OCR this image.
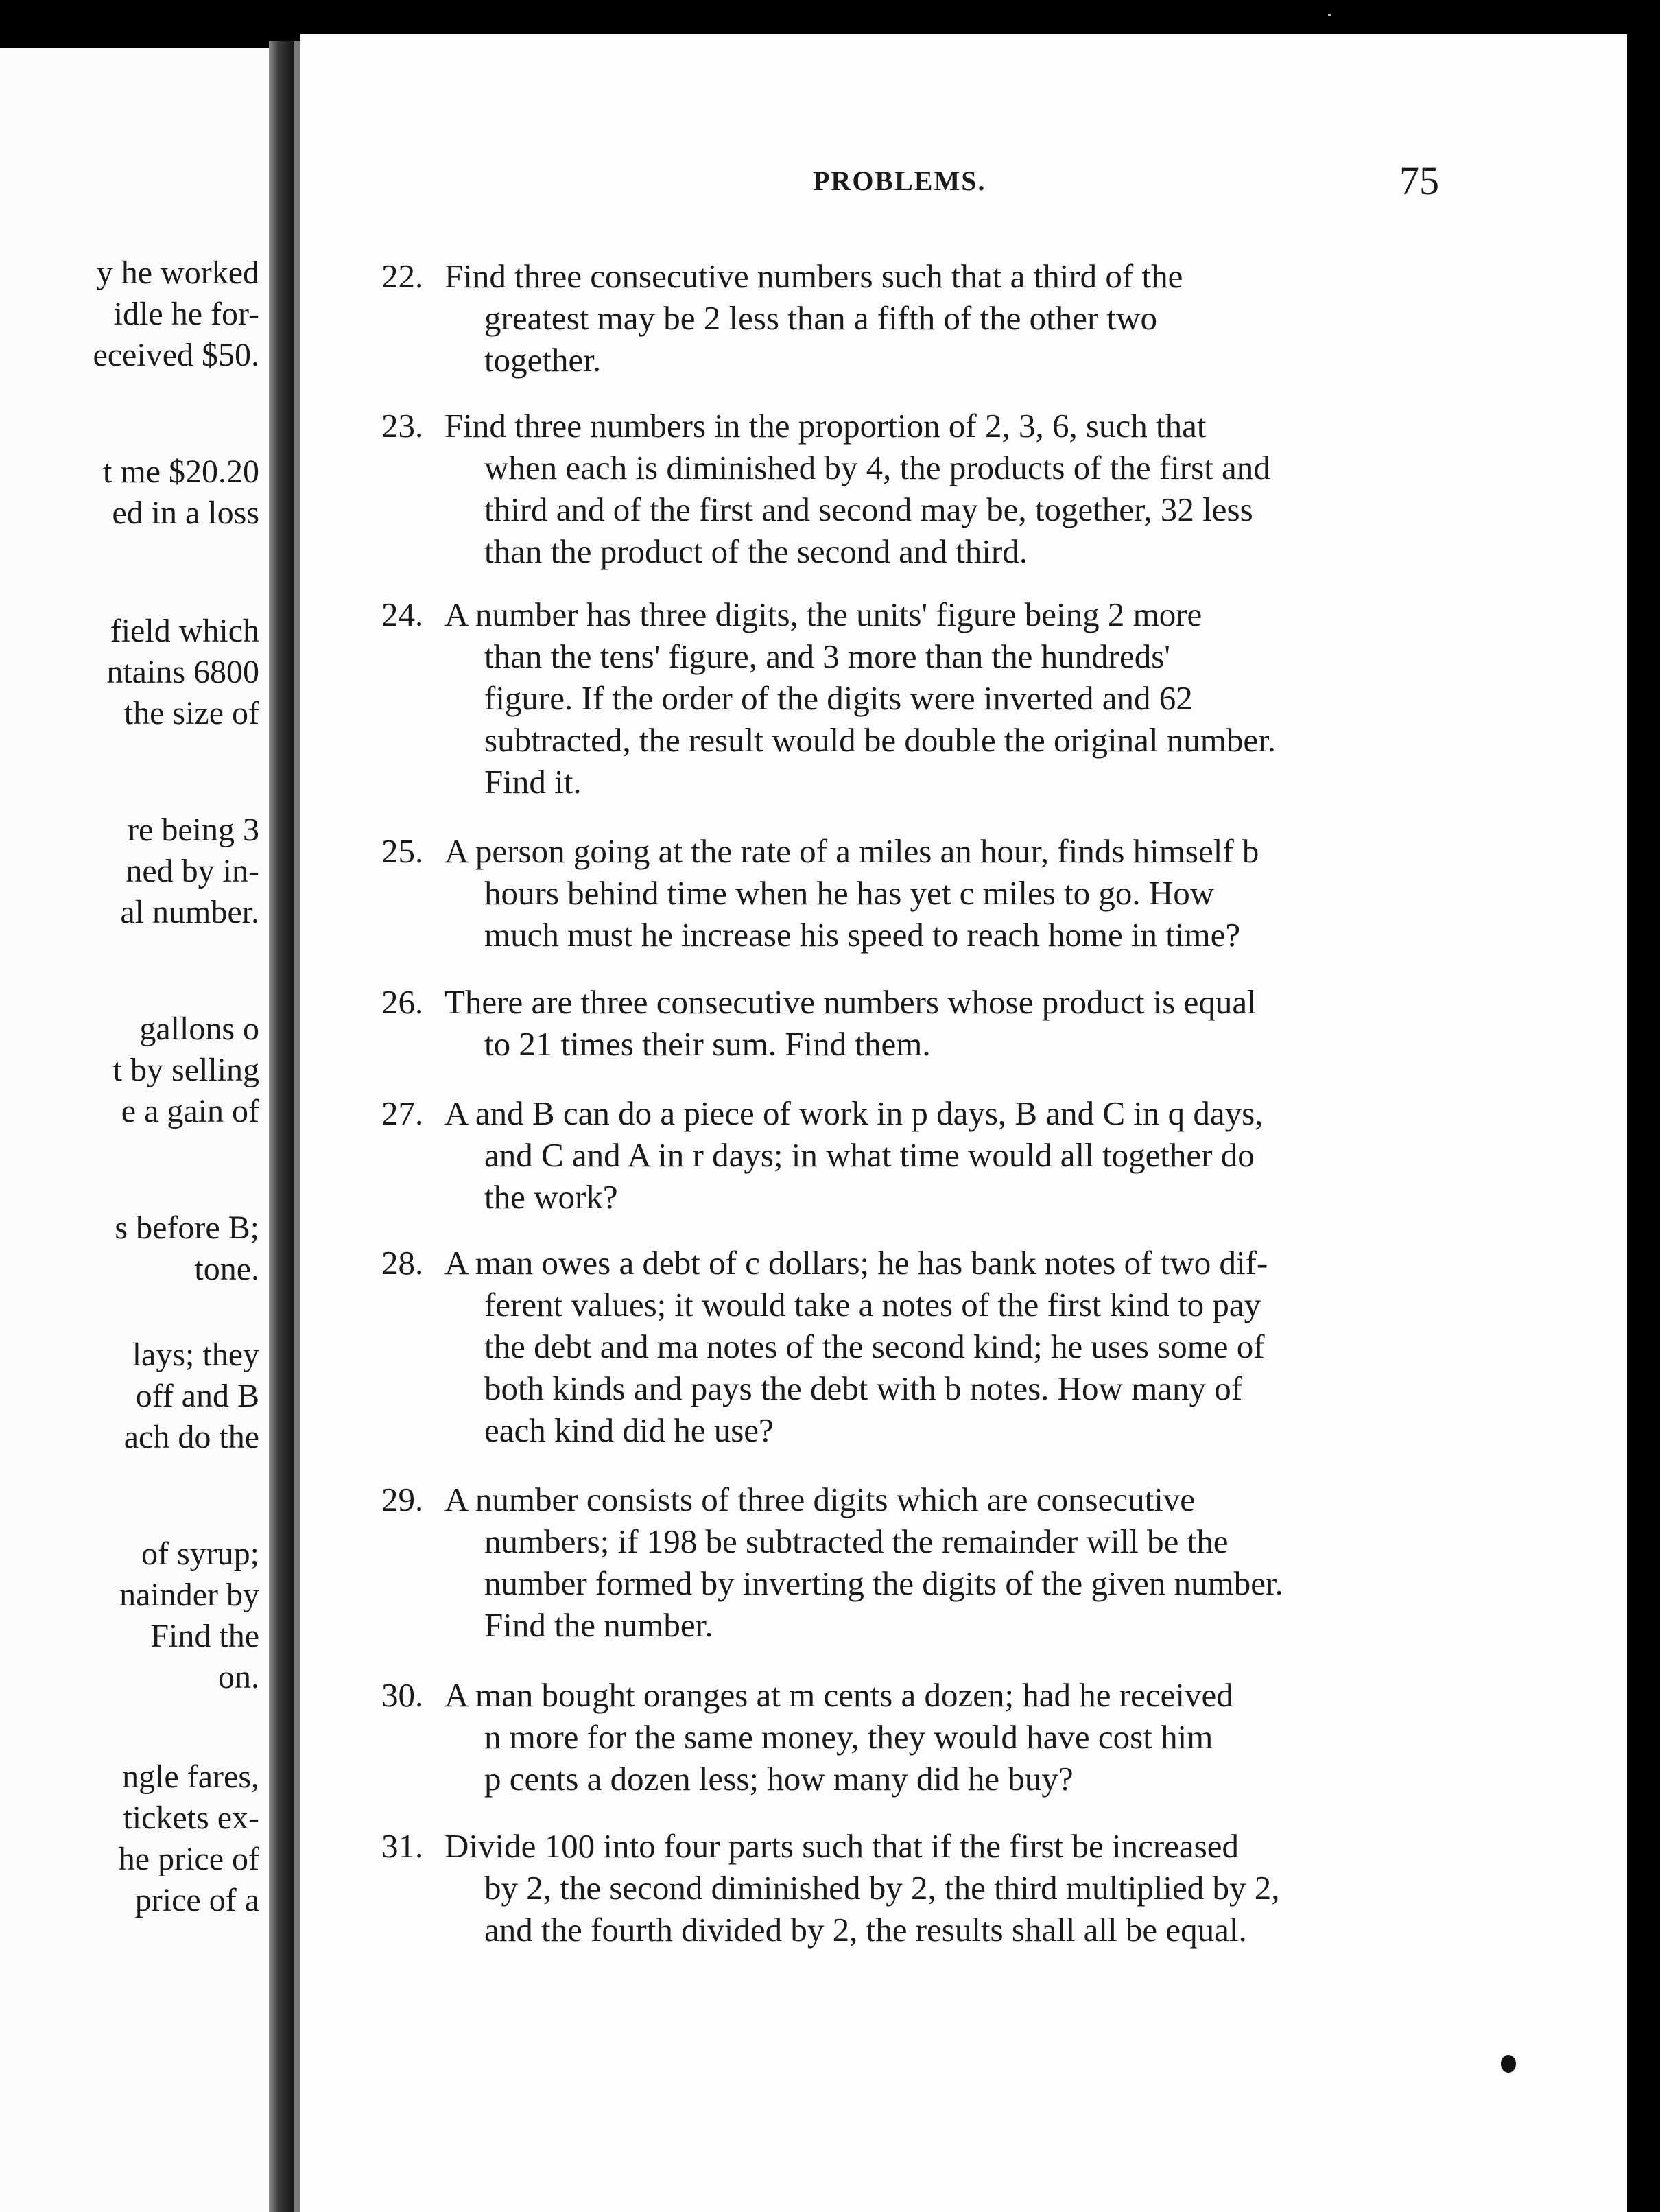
y he worked
idle he for-
eceived $50.
t me $20.20
ed in a loss
field which
ntains 6800
the size of
re being 3
ned by in-
al number.
gallons o
t by selling
e a gain of
s before B;
tone.
lays; they
off and B
ach do the
of syrup;
nainder by
Find the
on.
ngle fares,
tickets ex-
he price of
price of a
PROBLEMS.	75
22. Find three consecutive numbers such that a third of the
greatest may be 2 less than a fifth of the other two
together.
23. Find three numbers in the proportion of 2, 3, 6, such that
when each is diminished by 4, the products of the first and
third and of the first and second may be, together, 32 less
than the product of the second and third.
24. A number has three digits, the units' figure being 2 more
than the tens' figure, and 3 more than the hundreds'
figure. If the order of the digits were inverted and 62
subtracted, the result would be double the original number.
Find it.
25. A person going at the rate of a miles an hour, finds himself b
hours behind time when he has yet c miles to go. How
much must he increase his speed to reach home in time?
26. There are three consecutive numbers whose product is equal
to 21 times their sum. Find them.
27. A and B can do a piece of work in p days, B and C in q days,
and C and A in r days; in what time would all together do
the work?
28. A man owes a debt of c dollars; he has bank notes of two dif-
ferent values; it would take a notes of the first kind to pay
the debt and ma notes of the second kind; he uses some of
both kinds and pays the debt with b notes. How many of
each kind did he use?
29. A number consists of three digits which are consecutive
numbers; if 198 be subtracted the remainder will be the
number formed by inverting the digits of the given number.
Find the number.
30. A man bought oranges at m cents a dozen; had he received
n more for the same money, they would have cost him
p cents a dozen less; how many did he buy?
31. Divide 100 into four parts such that if the first be increased
by 2, the second diminished by 2, the third multiplied by 2,
and the fourth divided by 2, the results shall all be equal.
